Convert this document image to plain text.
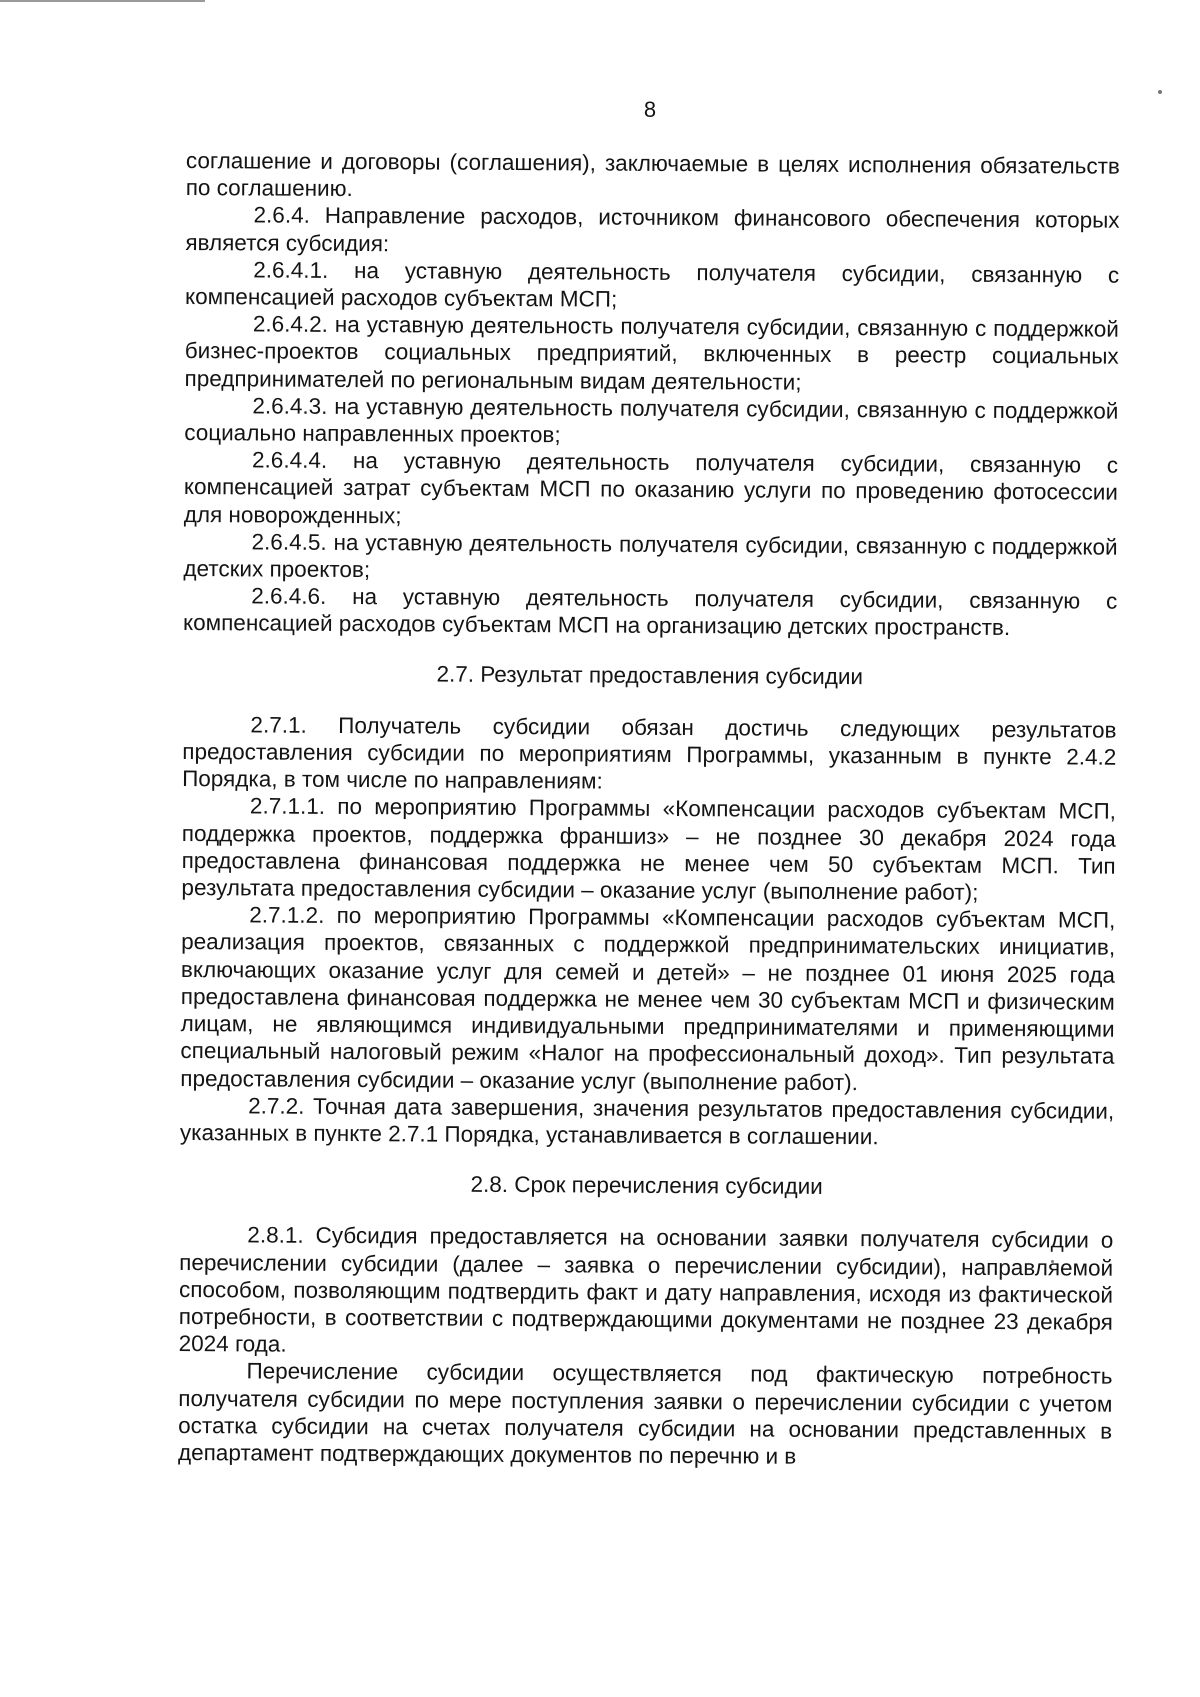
8

соглашение и договоры (соглашения), заключаемые в целях исполнения обязательств по соглашению.

2.6.4. Направление расходов, источником финансового обеспечения которых является субсидия:

2.6.4.1. на уставную деятельность получателя субсидии, связанную с компенсацией расходов субъектам МСП;

2.6.4.2. на уставную деятельность получателя субсидии, связанную с поддержкой бизнес-проектов социальных предприятий, включенных в реестр социальных предпринимателей по региональным видам деятельности;

2.6.4.3. на уставную деятельность получателя субсидии, связанную с поддержкой социально направленных проектов;

2.6.4.4. на уставную деятельность получателя субсидии, связанную с компенсацией затрат субъектам МСП по оказанию услуги по проведению фотосессии для новорожденных;

2.6.4.5. на уставную деятельность получателя субсидии, связанную с поддержкой детских проектов;

2.6.4.6. на уставную деятельность получателя субсидии, связанную с компенсацией расходов субъектам МСП на организацию детских пространств.

2.7. Результат предоставления субсидии

2.7.1. Получатель субсидии обязан достичь следующих результатов предоставления субсидии по мероприятиям Программы, указанным в пункте 2.4.2 Порядка, в том числе по направлениям:

2.7.1.1. по мероприятию Программы «Компенсации расходов субъектам МСП, поддержка проектов, поддержка франшиз» – не позднее 30 декабря 2024 года предоставлена финансовая поддержка не менее чем 50 субъектам МСП. Тип результата предоставления субсидии – оказание услуг (выполнение работ);

2.7.1.2. по мероприятию Программы «Компенсации расходов субъектам МСП, реализация проектов, связанных с поддержкой предпринимательских инициатив, включающих оказание услуг для семей и детей» – не позднее 01 июня 2025 года предоставлена финансовая поддержка не менее чем 30 субъектам МСП и физическим лицам, не являющимся индивидуальными предпринимателями и применяющими специальный налоговый режим «Налог на профессиональный доход». Тип результата предоставления субсидии – оказание услуг (выполнение работ).

2.7.2. Точная дата завершения, значения результатов предоставления субсидии, указанных в пункте 2.7.1 Порядка, устанавливается в соглашении.

2.8. Срок перечисления субсидии

2.8.1. Субсидия предоставляется на основании заявки получателя субсидии о перечислении субсидии (далее – заявка о перечислении субсидии), направляемой способом, позволяющим подтвердить факт и дату направления, исходя из фактической потребности, в соответствии с подтверждающими документами не позднее 23 декабря 2024 года.

Перечисление субсидии осуществляется под фактическую потребность получателя субсидии по мере поступления заявки о перечислении субсидии с учетом остатка субсидии на счетах получателя субсидии на основании представленных в департамент подтверждающих документов по перечню и в
